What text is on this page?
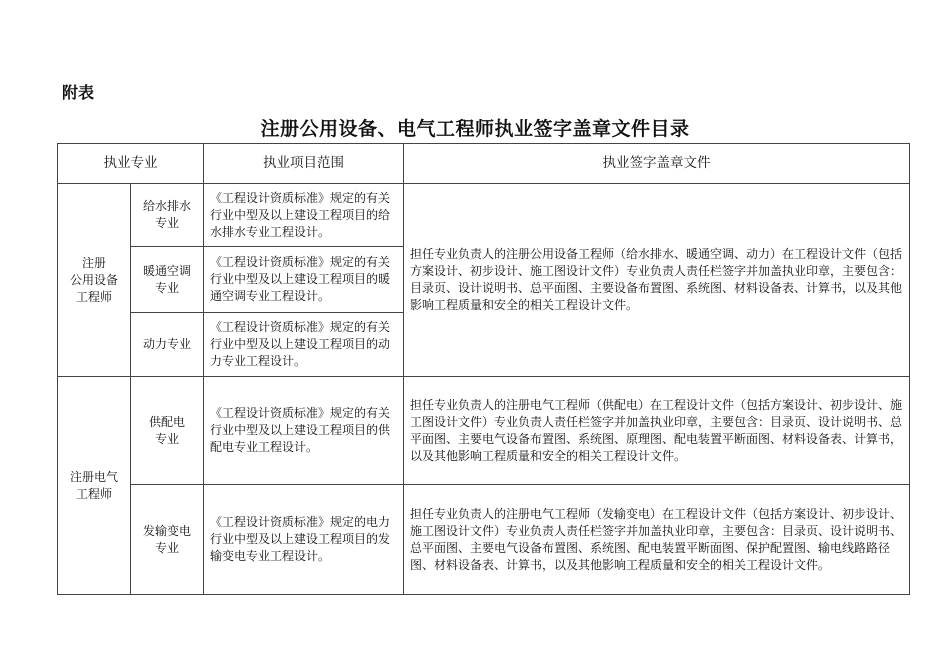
附表
注册公用设备、电气工程师执业签字盖章文件目录
执业专业		执业项目范围	执业签字盖章文件
注册
公用设备
工程师	给水排水
专业	《工程设计资质标准》规定的有关行业中型及以上建设工程项目的给水排水专业工程设计。	担任专业负责人的注册公用设备工程师（给水排水、暖通空调、动力）在工程设计文件（包括方案设计、初步设计、施工图设计文件）专业负责人责任栏签字并加盖执业印章，主要包含：目录页、设计说明书、总平面图、主要设备布置图、系统图、材料设备表、计算书，以及其他影响工程质量和安全的相关工程设计文件。

	暖通空调
专业	《工程设计资质标准》规定的有关行业中型及以上建设工程项目的暖通空调专业工程设计。	

	动力专业	《工程设计资质标准》规定的有关行业中型及以上建设工程项目的动力专业工程设计。	

注册电气
工程师	供配电
专业	《工程设计资质标准》规定的有关行业中型及以上建设工程项目的供配电专业工程设计。	担任专业负责人的注册电气工程师（供配电）在工程设计文件（包括方案设计、初步设计、施工图设计文件）专业负责人责任栏签字并加盖执业印章，主要包含：目录页、设计说明书、总平面图、主要电气设备布置图、系统图、原理图、配电装置平断面图、材料设备表、计算书，以及其他影响工程质量和安全的相关工程设计文件。

	发输变电
专业	《工程设计资质标准》规定的电力行业中型及以上建设工程项目的发输变电专业工程设计。	担任专业负责人的注册电气工程师（发输变电）在工程设计文件（包括方案设计、初步设计、施工图设计文件）专业负责人责任栏签字并加盖执业印章，主要包含：目录页、设计说明书、总平面图、主要电气设备布置图、系统图、配电装置平断面图、保护配置图、输电线路路径图、材料设备表、计算书，以及其他影响工程质量和安全的相关工程设计文件。
